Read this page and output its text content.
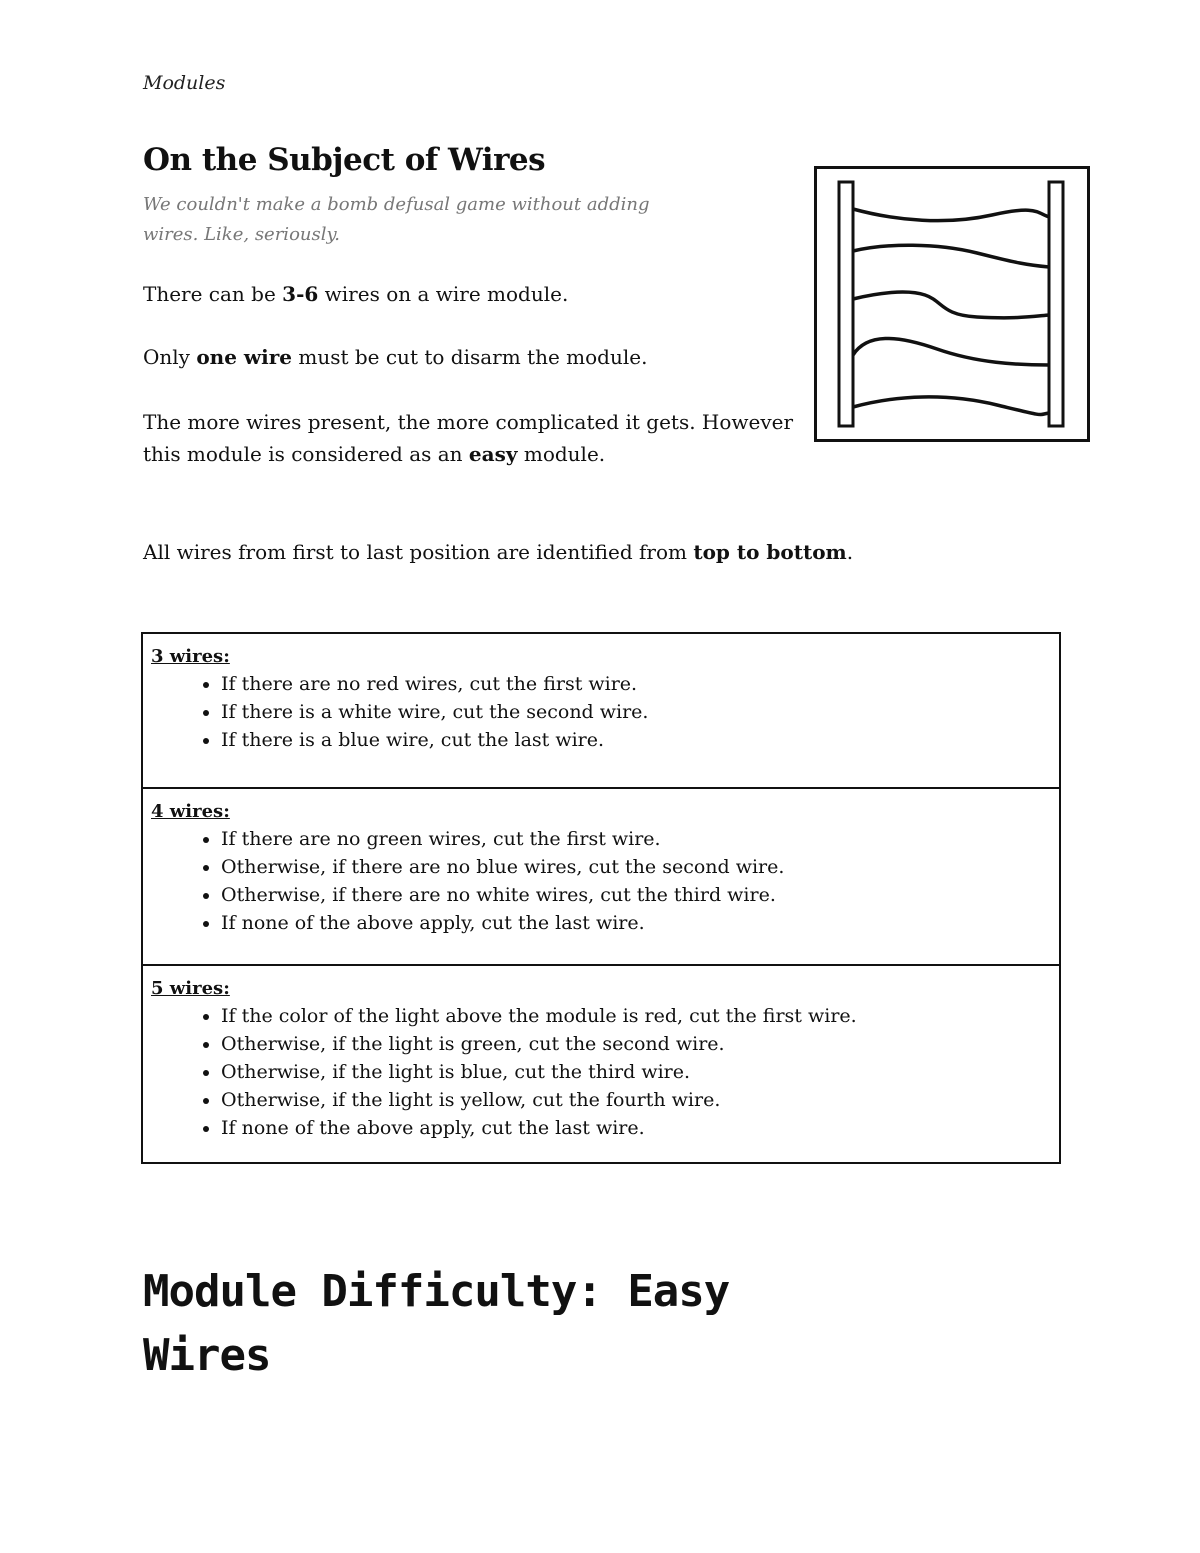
Modules
On the Subject of Wires
We couldn't make a bomb defusal game without adding wires. Like, seriously.

There can be 3-6 wires on a wire module.

Only one wire must be cut to disarm the module.

The more wires present, the more complicated it gets. However this module is considered as an easy module.

All wires from first to last position are identified from top to bottom.

3 wires:
• If there are no red wires, cut the first wire.
• If there is a white wire, cut the second wire.
• If there is a blue wire, cut the last wire.
4 wires:
• If there are no green wires, cut the first wire.
• Otherwise, if there are no blue wires, cut the second wire.
• Otherwise, if there are no white wires, cut the third wire.
• If none of the above apply, cut the last wire.
5 wires:
• If the color of the light above the module is red, cut the first wire.
• Otherwise, if the light is green, cut the second wire.
• Otherwise, if the light is blue, cut the third wire.
• Otherwise, if the light is yellow, cut the fourth wire.
• If none of the above apply, cut the last wire.
Module Difficulty: Easy
Wires
